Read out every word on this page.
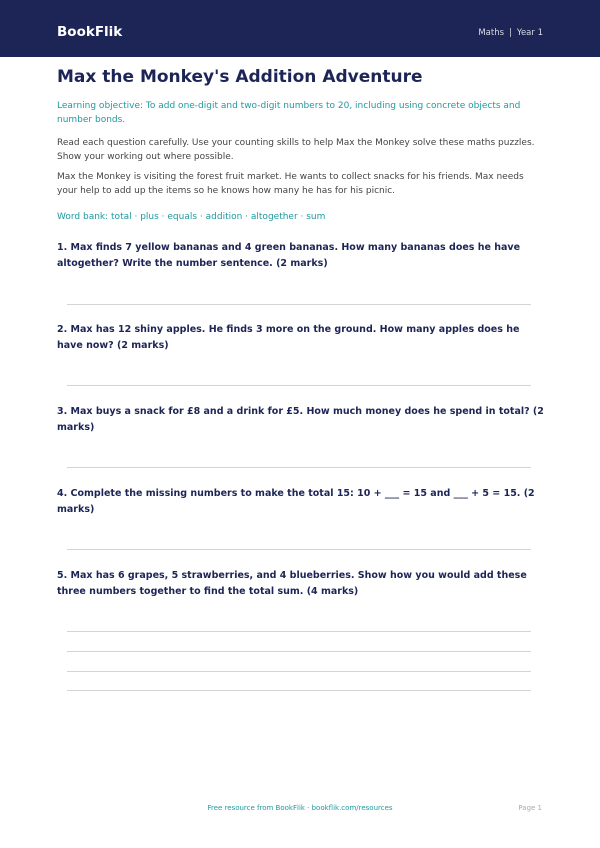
BookFlik	Maths | Year 1
Max the Monkey's Addition Adventure

Learning objective: To add one-digit and two-digit numbers to 20, including using concrete objects and number bonds.

Read each question carefully. Use your counting skills to help Max the Monkey solve these maths puzzles. Show your working out where possible.

Max the Monkey is visiting the forest fruit market. He wants to collect snacks for his friends. Max needs your help to add up the items so he knows how many he has for his picnic.

Word bank: total · plus · equals · addition · altogether · sum

1. Max finds 7 yellow bananas and 4 green bananas. How many bananas does he have altogether? Write the number sentence. (2 marks)

2. Max has 12 shiny apples. He finds 3 more on the ground. How many apples does he have now? (2 marks)

3. Max buys a snack for £8 and a drink for £5. How much money does he spend in total? (2 marks)

4. Complete the missing numbers to make the total 15: 10 + ___ = 15 and ___ + 5 = 15. (2 marks)

5. Max has 6 grapes, 5 strawberries, and 4 blueberries. Show how you would add these three numbers together to find the total sum. (4 marks)

Free resource from BookFlik · bookflik.com/resources	Page 1
